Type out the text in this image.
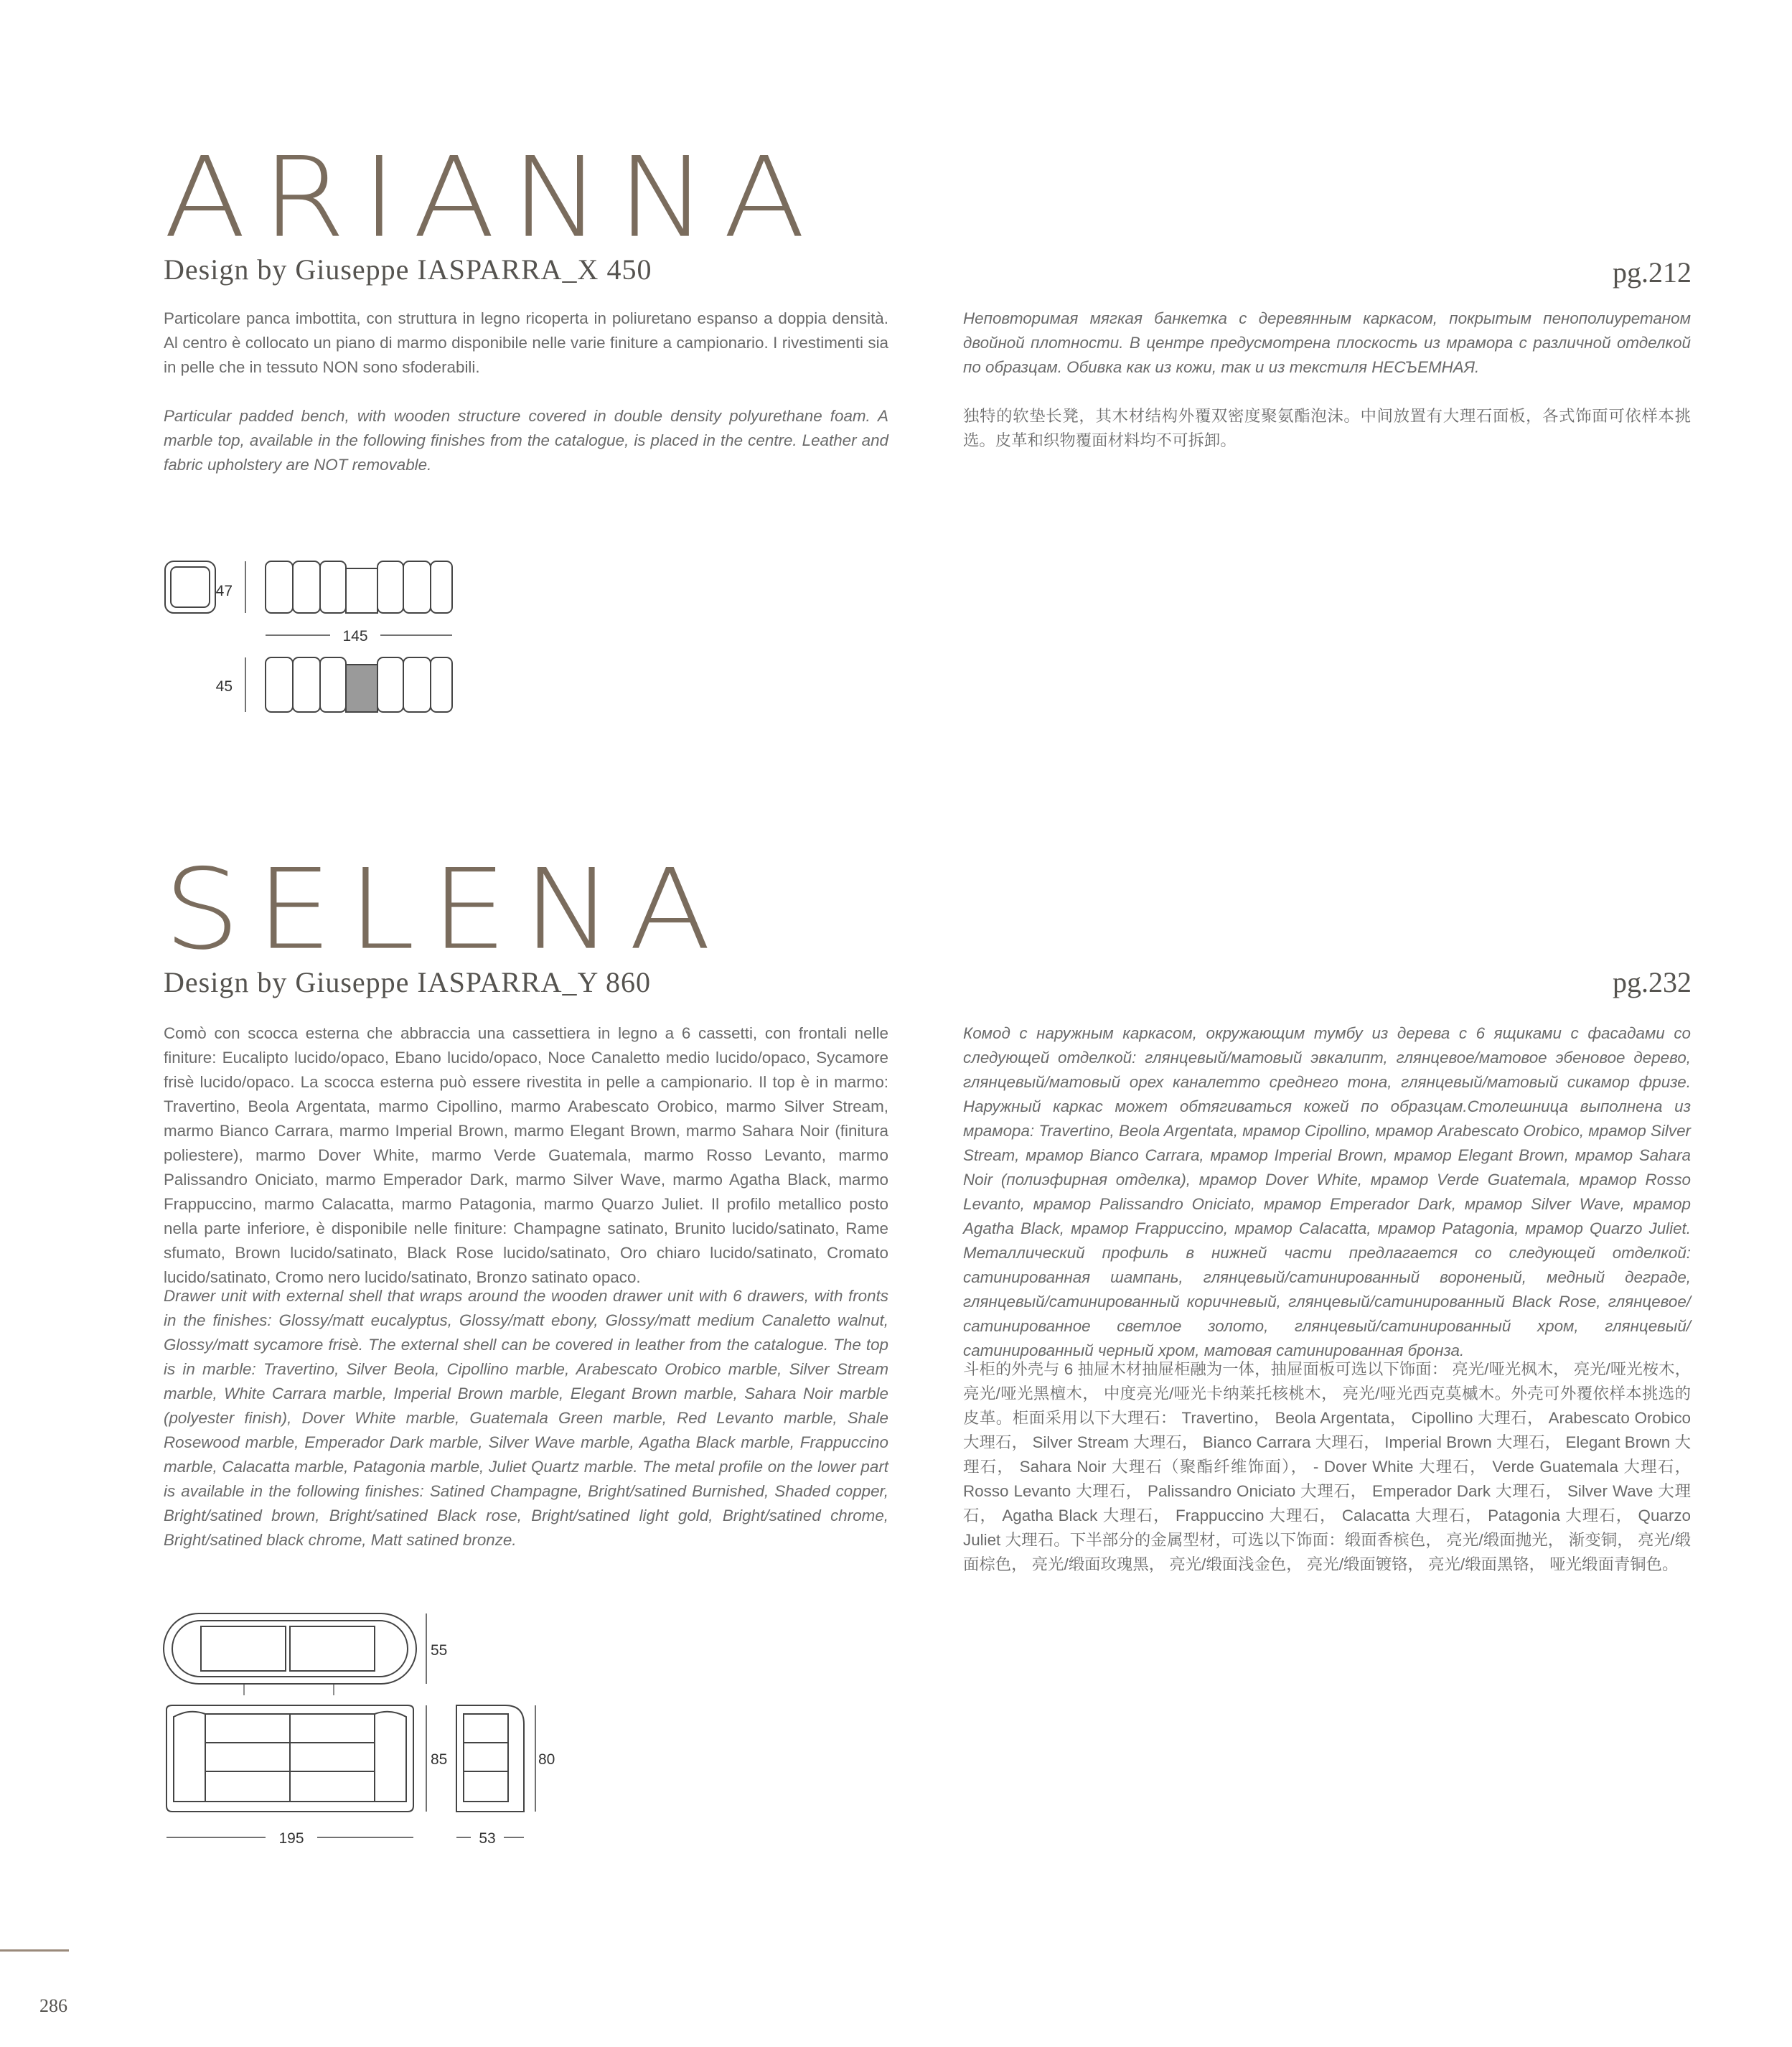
ARIANNA

Design by Giuseppe IASPARRA_X 450	pg.212

Particolare panca imbottita, con struttura in legno ricoperta in poliuretano espanso a doppia densità. Al centro è collocato un piano di marmo disponibile nelle varie finiture a campionario. I rivestimenti sia in pelle che in tessuto NON sono sfoderabili.

Particular padded bench, with wooden structure covered in double density polyurethane foam. A marble top, available in the following finishes from the catalogue, is placed in the centre. Leather and fabric upholstery are NOT removable.

Неповторимая мягкая банкетка с деревянным каркасом, покрытым пенополиуретаном двойной плотности. В центре предусмотрена плоскость из мрамора с различной отделкой по образцам. Обивка как из кожи, так и из текстиля НЕСЪЕМНАЯ.

独特的软垫长凳，其木材结构外覆双密度聚氨酯泡沫。中间放置有大理石面板，各式饰面可依样本挑选。皮革和织物覆面材料均不可拆卸。

47
145
45
SELENA

Design by Giuseppe IASPARRA_Y 860	pg.232

Comò con scocca esterna che abbraccia una cassettiera in legno a 6 cassetti, con frontali nelle finiture: Eucalipto lucido/opaco, Ebano lucido/opaco, Noce Canaletto medio lucido/opaco, Sycamore frisè lucido/opaco. La scocca esterna può essere rivestita in pelle a campionario. Il top è in marmo: Travertino, Beola Argentata, marmo Cipollino, marmo Arabescato Orobico, marmo Silver Stream, marmo Bianco Carrara, marmo Imperial Brown, marmo Elegant Brown, marmo Sahara Noir (finitura poliestere), marmo Dover White, marmo Verde Guatemala, marmo Rosso Levanto, marmo Palissandro Oniciato, marmo Emperador Dark, marmo Silver Wave, marmo Agatha Black, marmo Frappuccino, marmo Calacatta, marmo Patagonia, marmo Quarzo Juliet. Il profilo metallico posto nella parte inferiore, è disponibile nelle finiture: Champagne satinato, Brunito lucido/satinato, Rame sfumato, Brown lucido/satinato, Black Rose lucido/satinato, Oro chiaro lucido/satinato, Cromato lucido/satinato, Cromo nero lucido/satinato, Bronzo satinato opaco.

Drawer unit with external shell that wraps around the wooden drawer unit with 6 drawers, with fronts in the finishes: Glossy/matt eucalyptus, Glossy/matt ebony, Glossy/matt medium Canaletto walnut, Glossy/matt sycamore frisè. The external shell can be covered in leather from the catalogue. The top is in marble: Travertino, Silver Beola, Cipollino marble, Arabescato Orobico marble, Silver Stream marble, White Carrara marble, Imperial Brown marble, Elegant Brown marble, Sahara Noir marble (polyester finish), Dover White marble, Guatemala Green marble, Red Levanto marble, Shale Rosewood marble, Emperador Dark marble, Silver Wave marble, Agatha Black marble, Frappuccino marble, Calacatta marble, Patagonia marble, Juliet Quartz marble. The metal profile on the lower part is available in the following finishes: Satined Champagne, Bright/satined Burnished, Shaded copper, Bright/satined brown, Bright/satined Black rose, Bright/satined light gold, Bright/satined chrome, Bright/satined black chrome, Matt satined bronze.

Комод с наружным каркасом, окружающим тумбу из дерева с 6 ящиками с фасадами со следующей отделкой: глянцевый/матовый эвкалипт, глянцевое/матовое эбеновое дерево, глянцевый/матовый орех каналетто среднего тона, глянцевый/матовый сикамор фризе. Наружный каркас может обтягиваться кожей по образцам.Столешница выполнена из мрамора: Travertino, Beola Argentata, мрамор Cipollino, мрамор Arabescato Orobico, мрамор Silver Stream, мрамор Bianco Carrara, мрамор Imperial Brown, мрамор Elegant Brown, мрамор Sahara Noir (полиэфирная отделка), мрамор Dover White, мрамор Verde Guatemala, мрамор Rosso Levanto, мрамор Palissandro Oniciato, мрамор Emperador Dark, мрамор Silver Wave, мрамор Agatha Black, мрамор Frappuccino, мрамор Calacatta, мрамор Patagonia, мрамор Quarzo Juliet. Металлический профиль в нижней части предлагается со следующей отделкой: сатинированная шампань, глянцевый/сатинированный вороненый, медный деграде, глянцевый/сатинированный коричневый, глянцевый/сатинированный Black Rose, глянцевое/сатинированное светлое золото, глянцевый/сатинированный хром, глянцевый/сатинированный черный хром, матовая сатинированная бронза.

斗柜的外壳与 6 抽屉木材抽屉柜融为一体，抽屉面板可选以下饰面： 亮光/哑光枫木， 亮光/哑光桉木， 亮光/哑光黑檀木， 中度亮光/哑光卡纳莱托核桃木， 亮光/哑光西克莫槭木。外壳可外覆依样本挑选的皮革。柜面采用以下大理石： Travertino， Beola Argentata， Cipollino 大理石， Arabescato Orobico 大理石， Silver Stream 大理石， Bianco Carrara 大理石， Imperial Brown 大理石， Elegant Brown 大理石， Sahara Noir 大理石（聚酯纤维饰面）， - Dover White 大理石， Verde Guatemala 大理石， Rosso Levanto 大理石， Palissandro Oniciato 大理石， Emperador Dark 大理石， Silver Wave 大理石， Agatha Black 大理石， Frappuccino 大理石， Calacatta 大理石， Patagonia 大理石， Quarzo Juliet 大理石。下半部分的金属型材，可选以下饰面：缎面香槟色， 亮光/缎面抛光， 渐变铜， 亮光/缎面棕色， 亮光/缎面玫瑰黑， 亮光/缎面浅金色， 亮光/缎面镀铬， 亮光/缎面黑铬， 哑光缎面青铜色。

55
85
195
80
53
286
